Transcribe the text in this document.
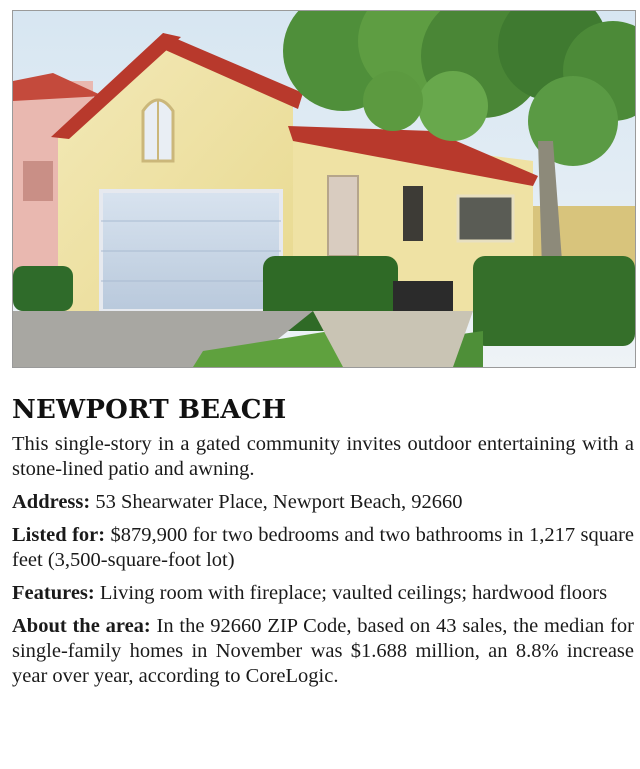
NEWPORT BEACH

This single-story in a gated community invites outdoor entertaining with a stone-lined patio and awning.

Address: 53 Shearwater Place, Newport Beach, 92660

Listed for: $879,900 for two bedrooms and two bathrooms in 1,217 square feet (3,500-square-foot lot)

Features: Living room with fireplace; vaulted ceilings; hardwood floors

About the area: In the 92660 ZIP Code, based on 43 sales, the median for single-family homes in November was $1.688 million, an 8.8% increase year over year, according to CoreLogic.
